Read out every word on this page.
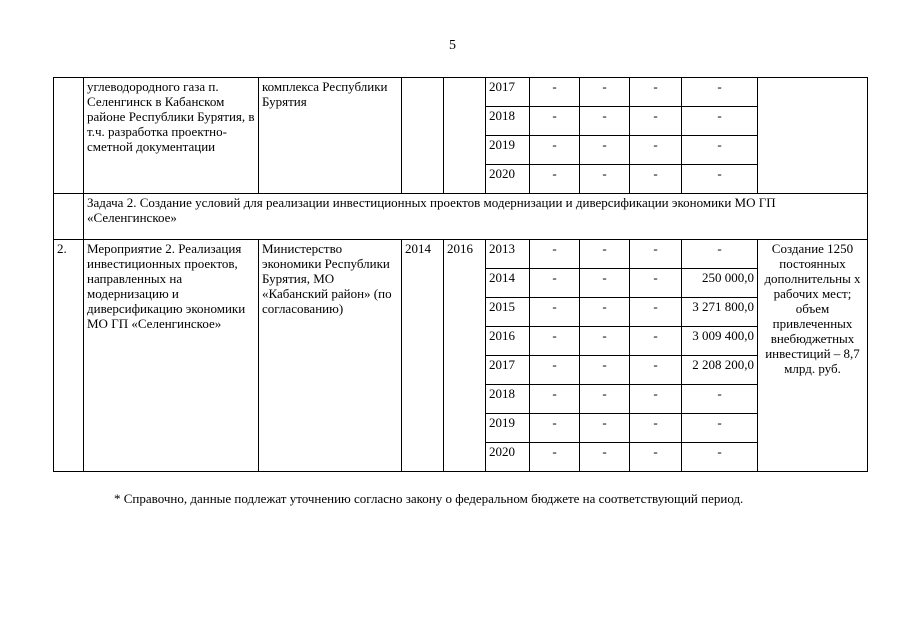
5
	углеводородного газа п. Селенгинск в Кабанском районе Республики Бурятия, в т.ч. разработка проектно-сметной документации	комплекса Республики Бурятия			2017	-	-	-	-	
					2018	-	-	-	-	
					2019	-	-	-	-	
					2020	-	-	-	-	
	Задача 2. Создание условий для реализации инвестиционных проектов модернизации и диверсификации экономики МО ГП «Селенгинское»									
2.	Мероприятие 2. Реализация инвестиционных проектов, направленных на модернизацию и диверсификацию экономики МО ГП «Селенгинское»	Министерство экономики Республики Бурятия, МО «Кабанский район» (по согласованию)	2014	2016	2013	-	-	-	-	Создание 1250 постоянных дополнительны х рабочих мест; объем привлеченных внебюджетных инвестиций – 8,7 млрд. руб.
					2014	-	-	-	250 000,0	
					2015	-	-	-	3 271 800,0	
					2016	-	-	-	3 009 400,0	
					2017	-	-	-	2 208 200,0	
					2018	-	-	-	-	
					2019	-	-	-	-	
					2020	-	-	-	-	
* Справочно, данные подлежат уточнению согласно закону о федеральном бюджете на соответствующий период.
